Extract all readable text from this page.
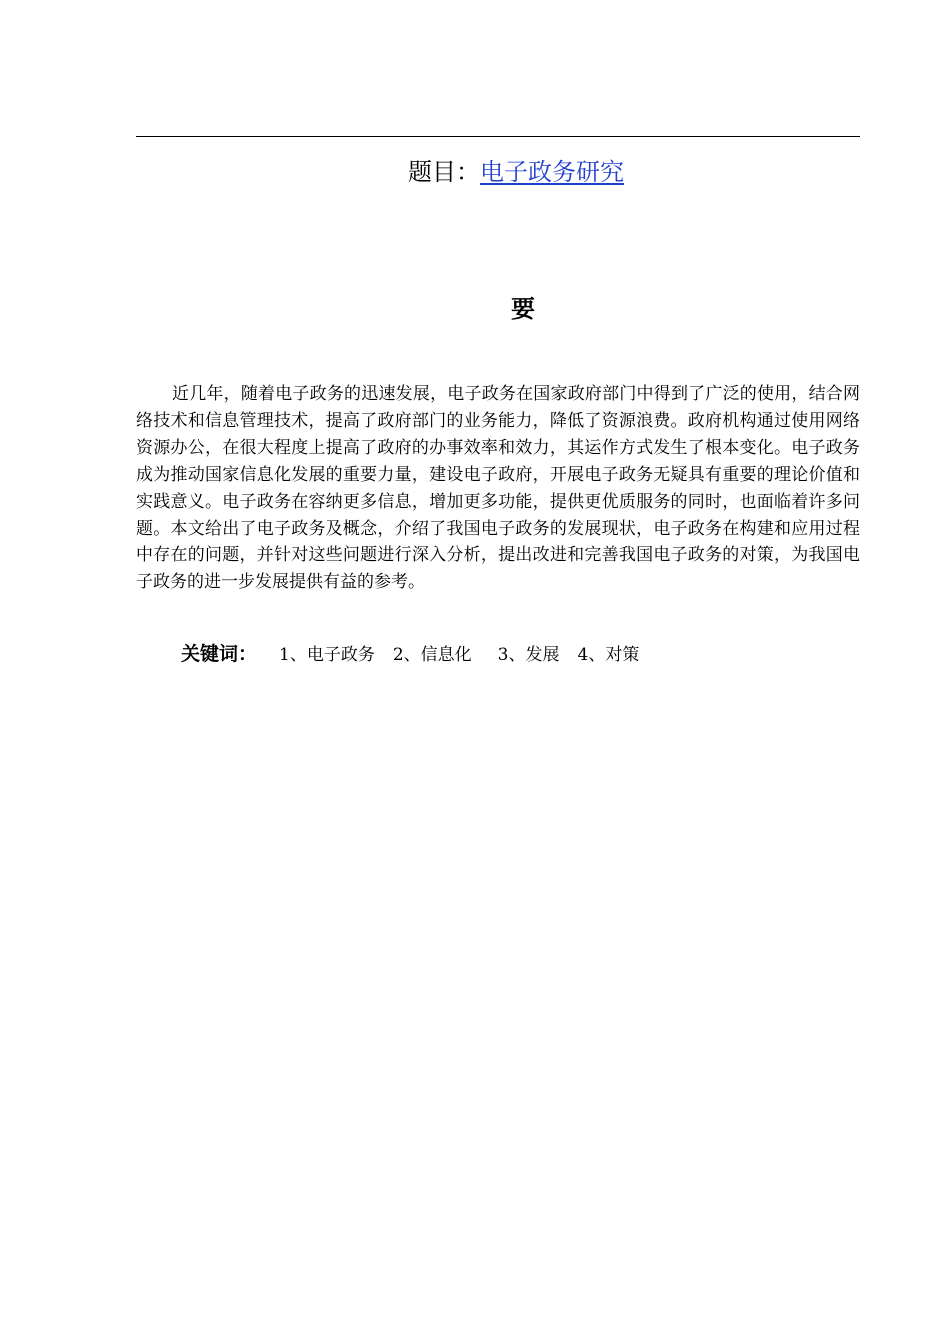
题目：电子政务研究
要

近几年，随着电子政务的迅速发展，电子政务在国家政府部门中得到了广泛的使用，结合网络技术和信息管理技术，提高了政府部门的业务能力，降低了资源浪费。政府机构通过使用网络资源办公，在很大程度上提高了政府的办事效率和效力，其运作方式发生了根本变化。电子政务成为推动国家信息化发展的重要力量，建设电子政府，开展电子政务无疑具有重要的理论价值和实践意义。电子政务在容纳更多信息，增加更多功能，提供更优质服务的同时，也面临着许多问题。本文给出了电子政务及概念，介绍了我国电子政务的发展现状，电子政务在构建和应用过程中存在的问题，并针对这些问题进行深入分析，提出改进和完善我国电子政务的对策，为我国电子政务的进一步发展提供有益的参考。

关键词： 1、电子政务 2、信息化 3、发展 4、对策
